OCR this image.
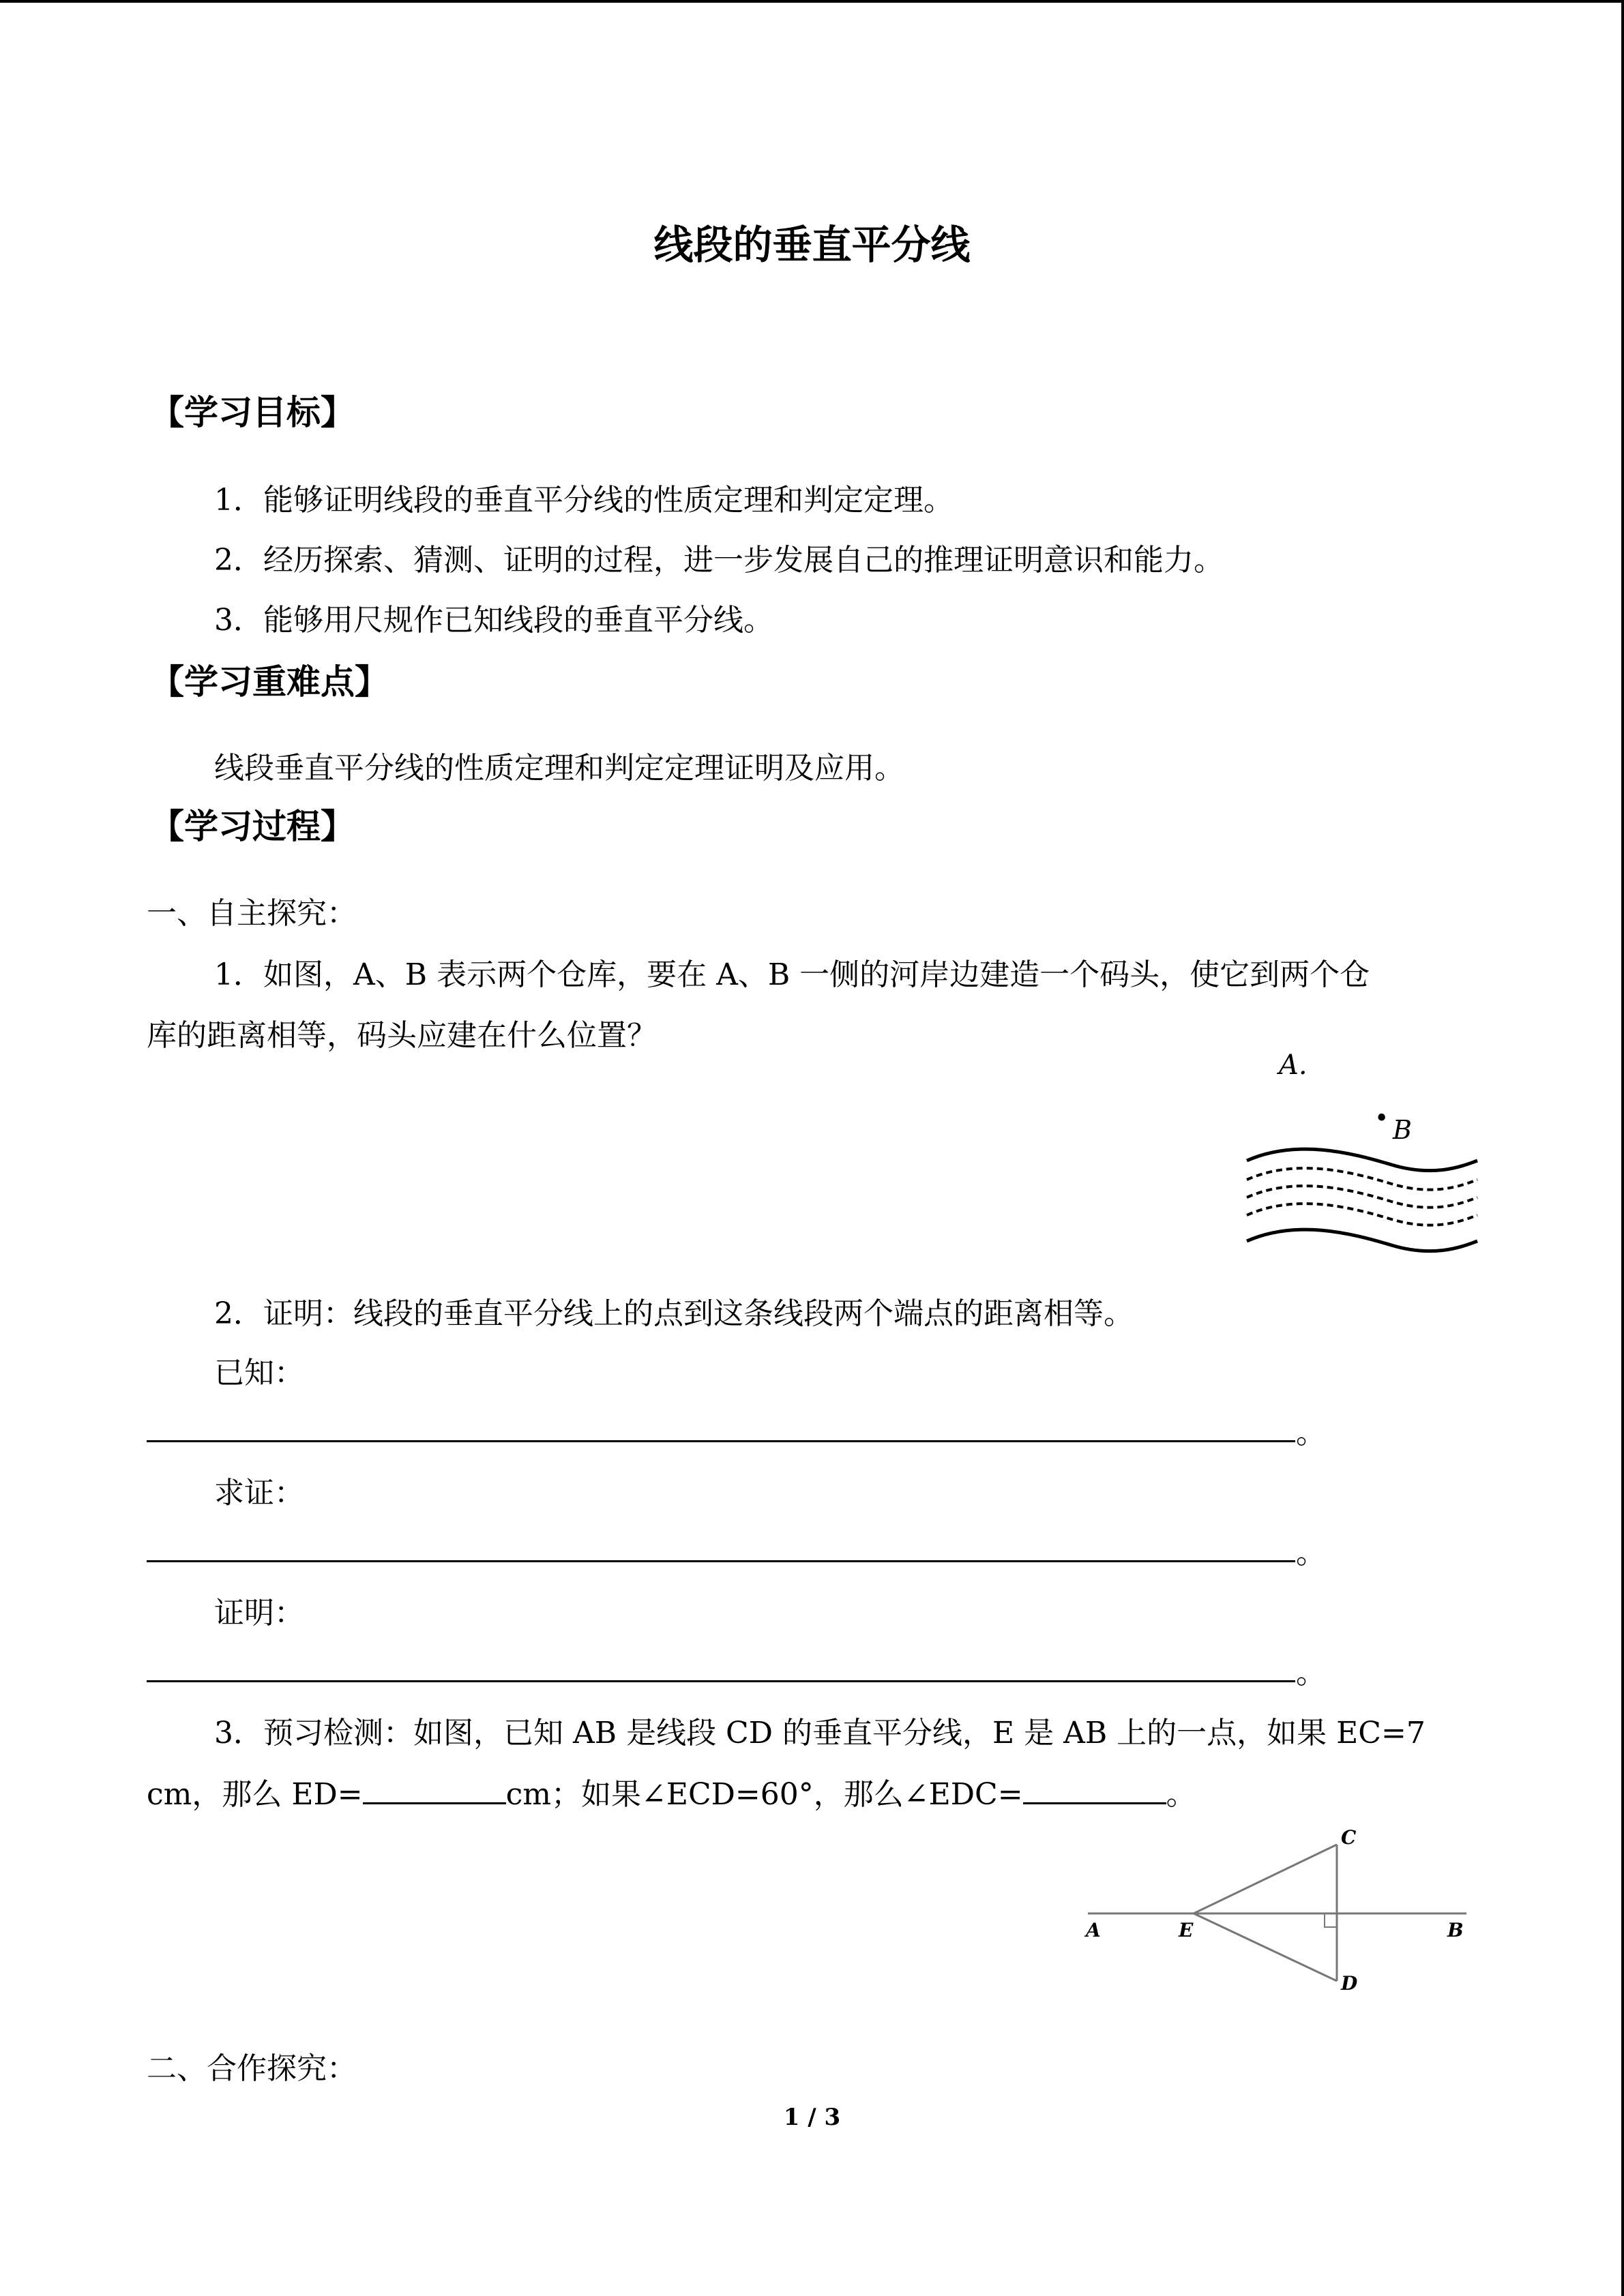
线段的垂直平分线
【学习目标】
1．能够证明线段的垂直平分线的性质定理和判定定理。
2．经历探索、猜测、证明的过程，进一步发展自己的推理证明意识和能力。
3．能够用尺规作已知线段的垂直平分线。
【学习重难点】
线段垂直平分线的性质定理和判定定理证明及应用。
【学习过程】
一、自主探究：
1．如图，A、B 表示两个仓库，要在 A、B 一侧的河岸边建造一个码头，使它到两个仓
库的距离相等，码头应建在什么位置？
A.
• B
2．证明：线段的垂直平分线上的点到这条线段两个端点的距离相等。
已知：
。
求证：
。
证明：
。
3．预习检测：如图，已知 AB 是线段 CD 的垂直平分线，E 是 AB 上的一点，如果 EC=7
cm，那么 ED=	cm；如果∠ECD=60°，那么∠EDC=	。
A	E	B
C
D
二、合作探究：
1 / 3
